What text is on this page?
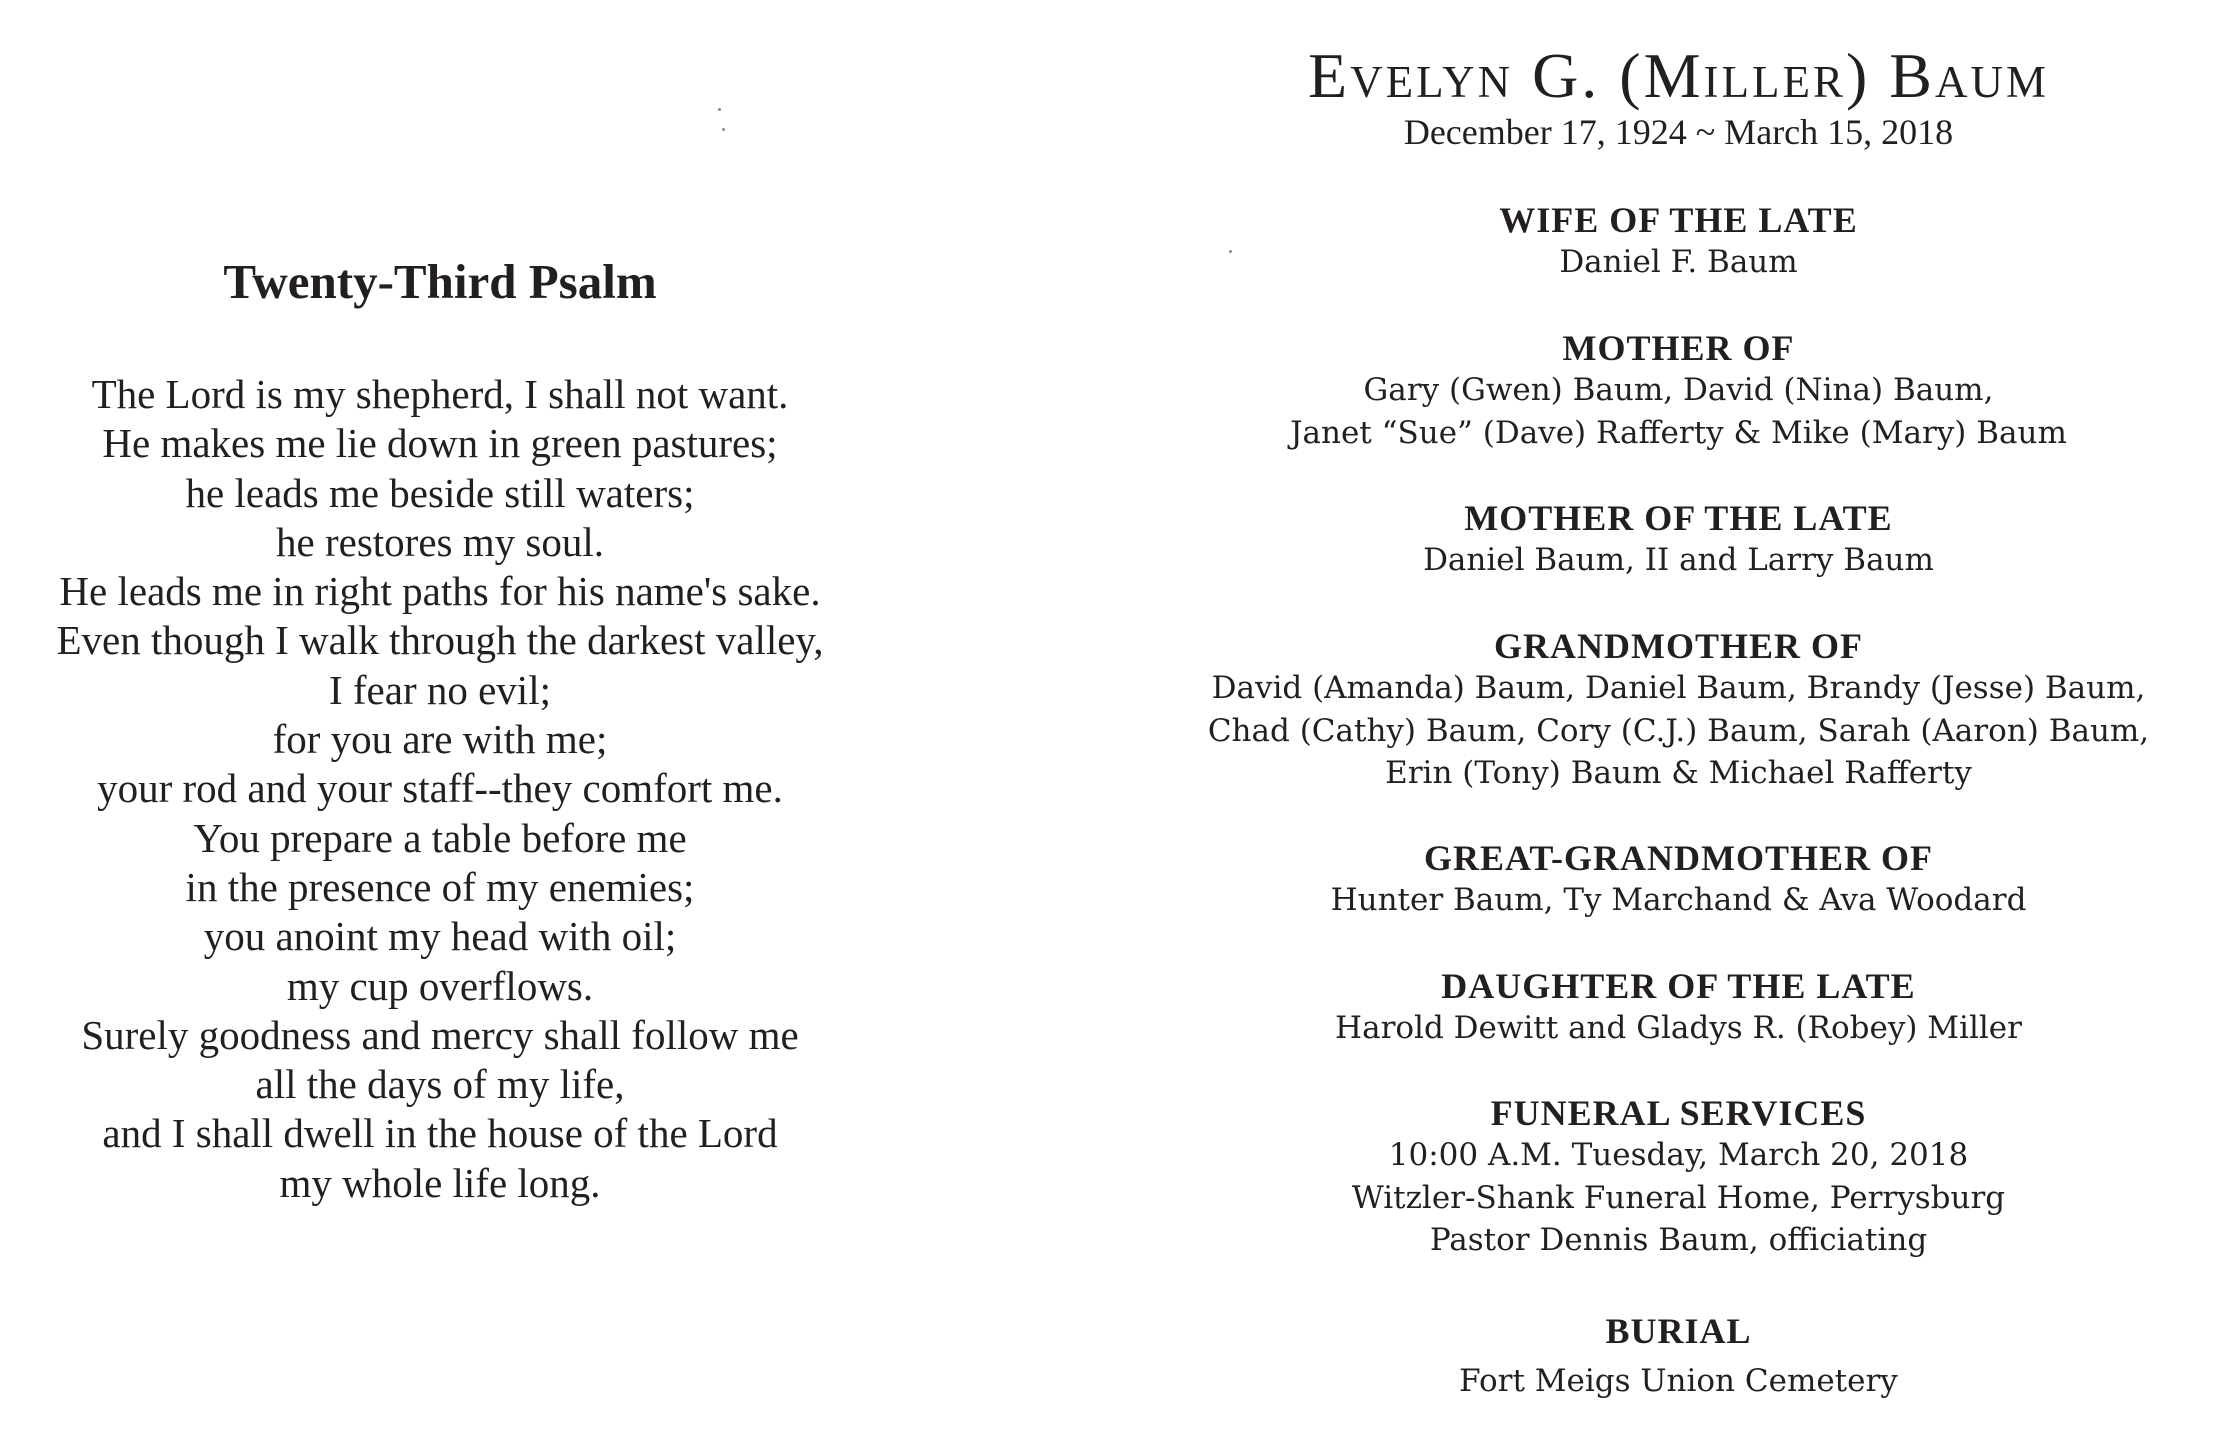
Twenty-Third Psalm
The Lord is my shepherd, I shall not want.
He makes me lie down in green pastures;
he leads me beside still waters;
he restores my soul.
He leads me in right paths for his name's sake.
Even though I walk through the darkest valley,
I fear no evil;
for you are with me;
your rod and your staff--they comfort me.
You prepare a table before me
in the presence of my enemies;
you anoint my head with oil;
my cup overflows.
Surely goodness and mercy shall follow me
all the days of my life,
and I shall dwell in the house of the Lord
my whole life long.
Evelyn G. (Miller) Baum

December 17, 1924 ~ March 15, 2018

WIFE OF THE LATE

Daniel F. Baum

MOTHER OF

Gary (Gwen) Baum, David (Nina) Baum,

Janet “Sue” (Dave) Rafferty & Mike (Mary) Baum

MOTHER OF THE LATE

Daniel Baum, II and Larry Baum

GRANDMOTHER OF

David (Amanda) Baum, Daniel Baum, Brandy (Jesse) Baum,

Chad (Cathy) Baum, Cory (C.J.) Baum, Sarah (Aaron) Baum,

Erin (Tony) Baum & Michael Rafferty

GREAT-GRANDMOTHER OF

Hunter Baum, Ty Marchand & Ava Woodard

DAUGHTER OF THE LATE

Harold Dewitt and Gladys R. (Robey) Miller

FUNERAL SERVICES

10:00 A.M. Tuesday, March 20, 2018

Witzler-Shank Funeral Home, Perrysburg

Pastor Dennis Baum, officiating

BURIAL

Fort Meigs Union Cemetery
